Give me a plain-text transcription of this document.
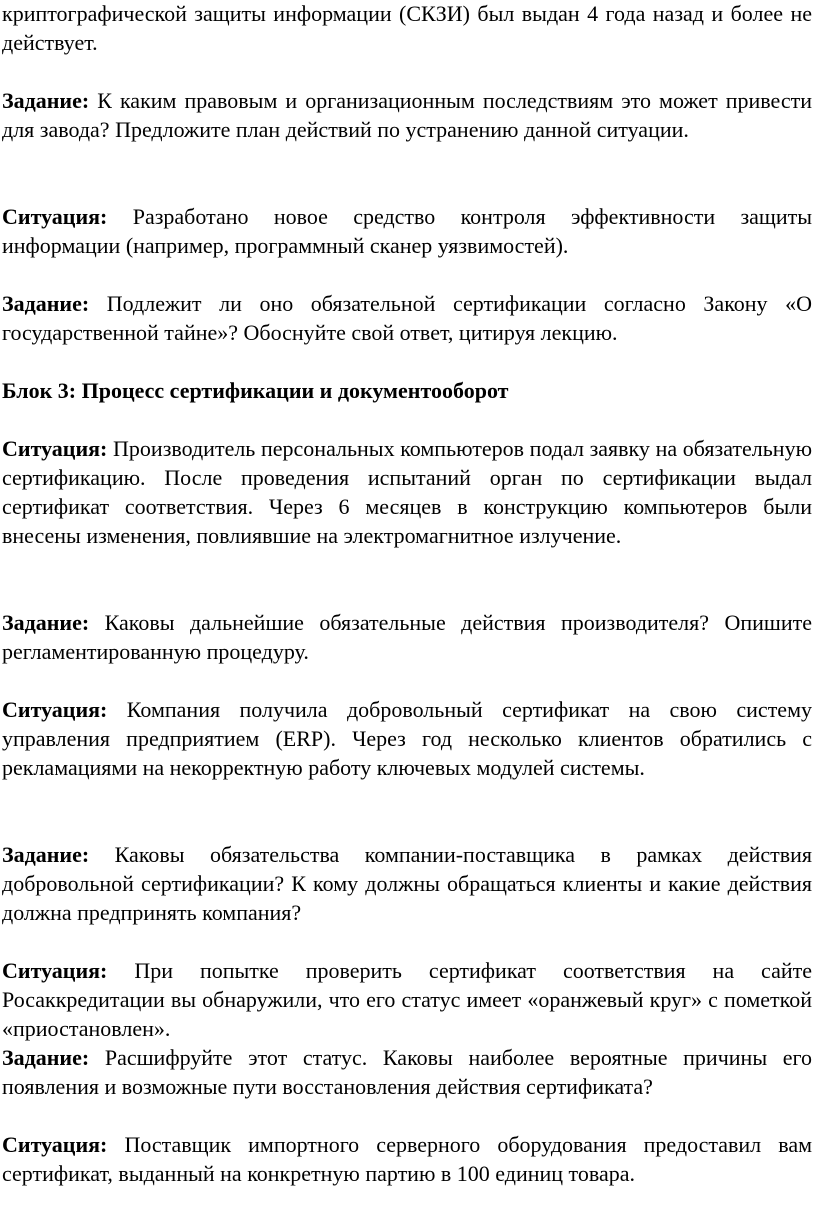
криптографической защиты информации (СКЗИ) был выдан 4 года назад и более не действует.

Задание: К каким правовым и организационным последствиям это может привести для завода? Предложите план действий по устранению данной ситуации.

Ситуация: Разработано новое средство контроля эффективности защиты информации (например, программный сканер уязвимостей).

Задание: Подлежит ли оно обязательной сертификации согласно Закону «О государственной тайне»? Обоснуйте свой ответ, цитируя лекцию.

Блок 3: Процесс сертификации и документооборот

Ситуация: Производитель персональных компьютеров подал заявку на обязательную сертификацию. После проведения испытаний орган по сертификации выдал сертификат соответствия. Через 6 месяцев в конструкцию компьютеров были внесены изменения, повлиявшие на электромагнитное излучение.

Задание: Каковы дальнейшие обязательные действия производителя? Опишите регламентированную процедуру.

Ситуация: Компания получила добровольный сертификат на свою систему управления предприятием (ERP). Через год несколько клиентов обратились с рекламациями на некорректную работу ключевых модулей системы.

Задание: Каковы обязательства компании-поставщика в рамках действия добровольной сертификации? К кому должны обращаться клиенты и какие действия должна предпринять компания?

Ситуация: При попытке проверить сертификат соответствия на сайте Росаккредитации вы обнаружили, что его статус имеет «оранжевый круг» с пометкой «приостановлен».

Задание: Расшифруйте этот статус. Каковы наиболее вероятные причины его появления и возможные пути восстановления действия сертификата?

Ситуация: Поставщик импортного серверного оборудования предоставил вам сертификат, выданный на конкретную партию в 100 единиц товара.
